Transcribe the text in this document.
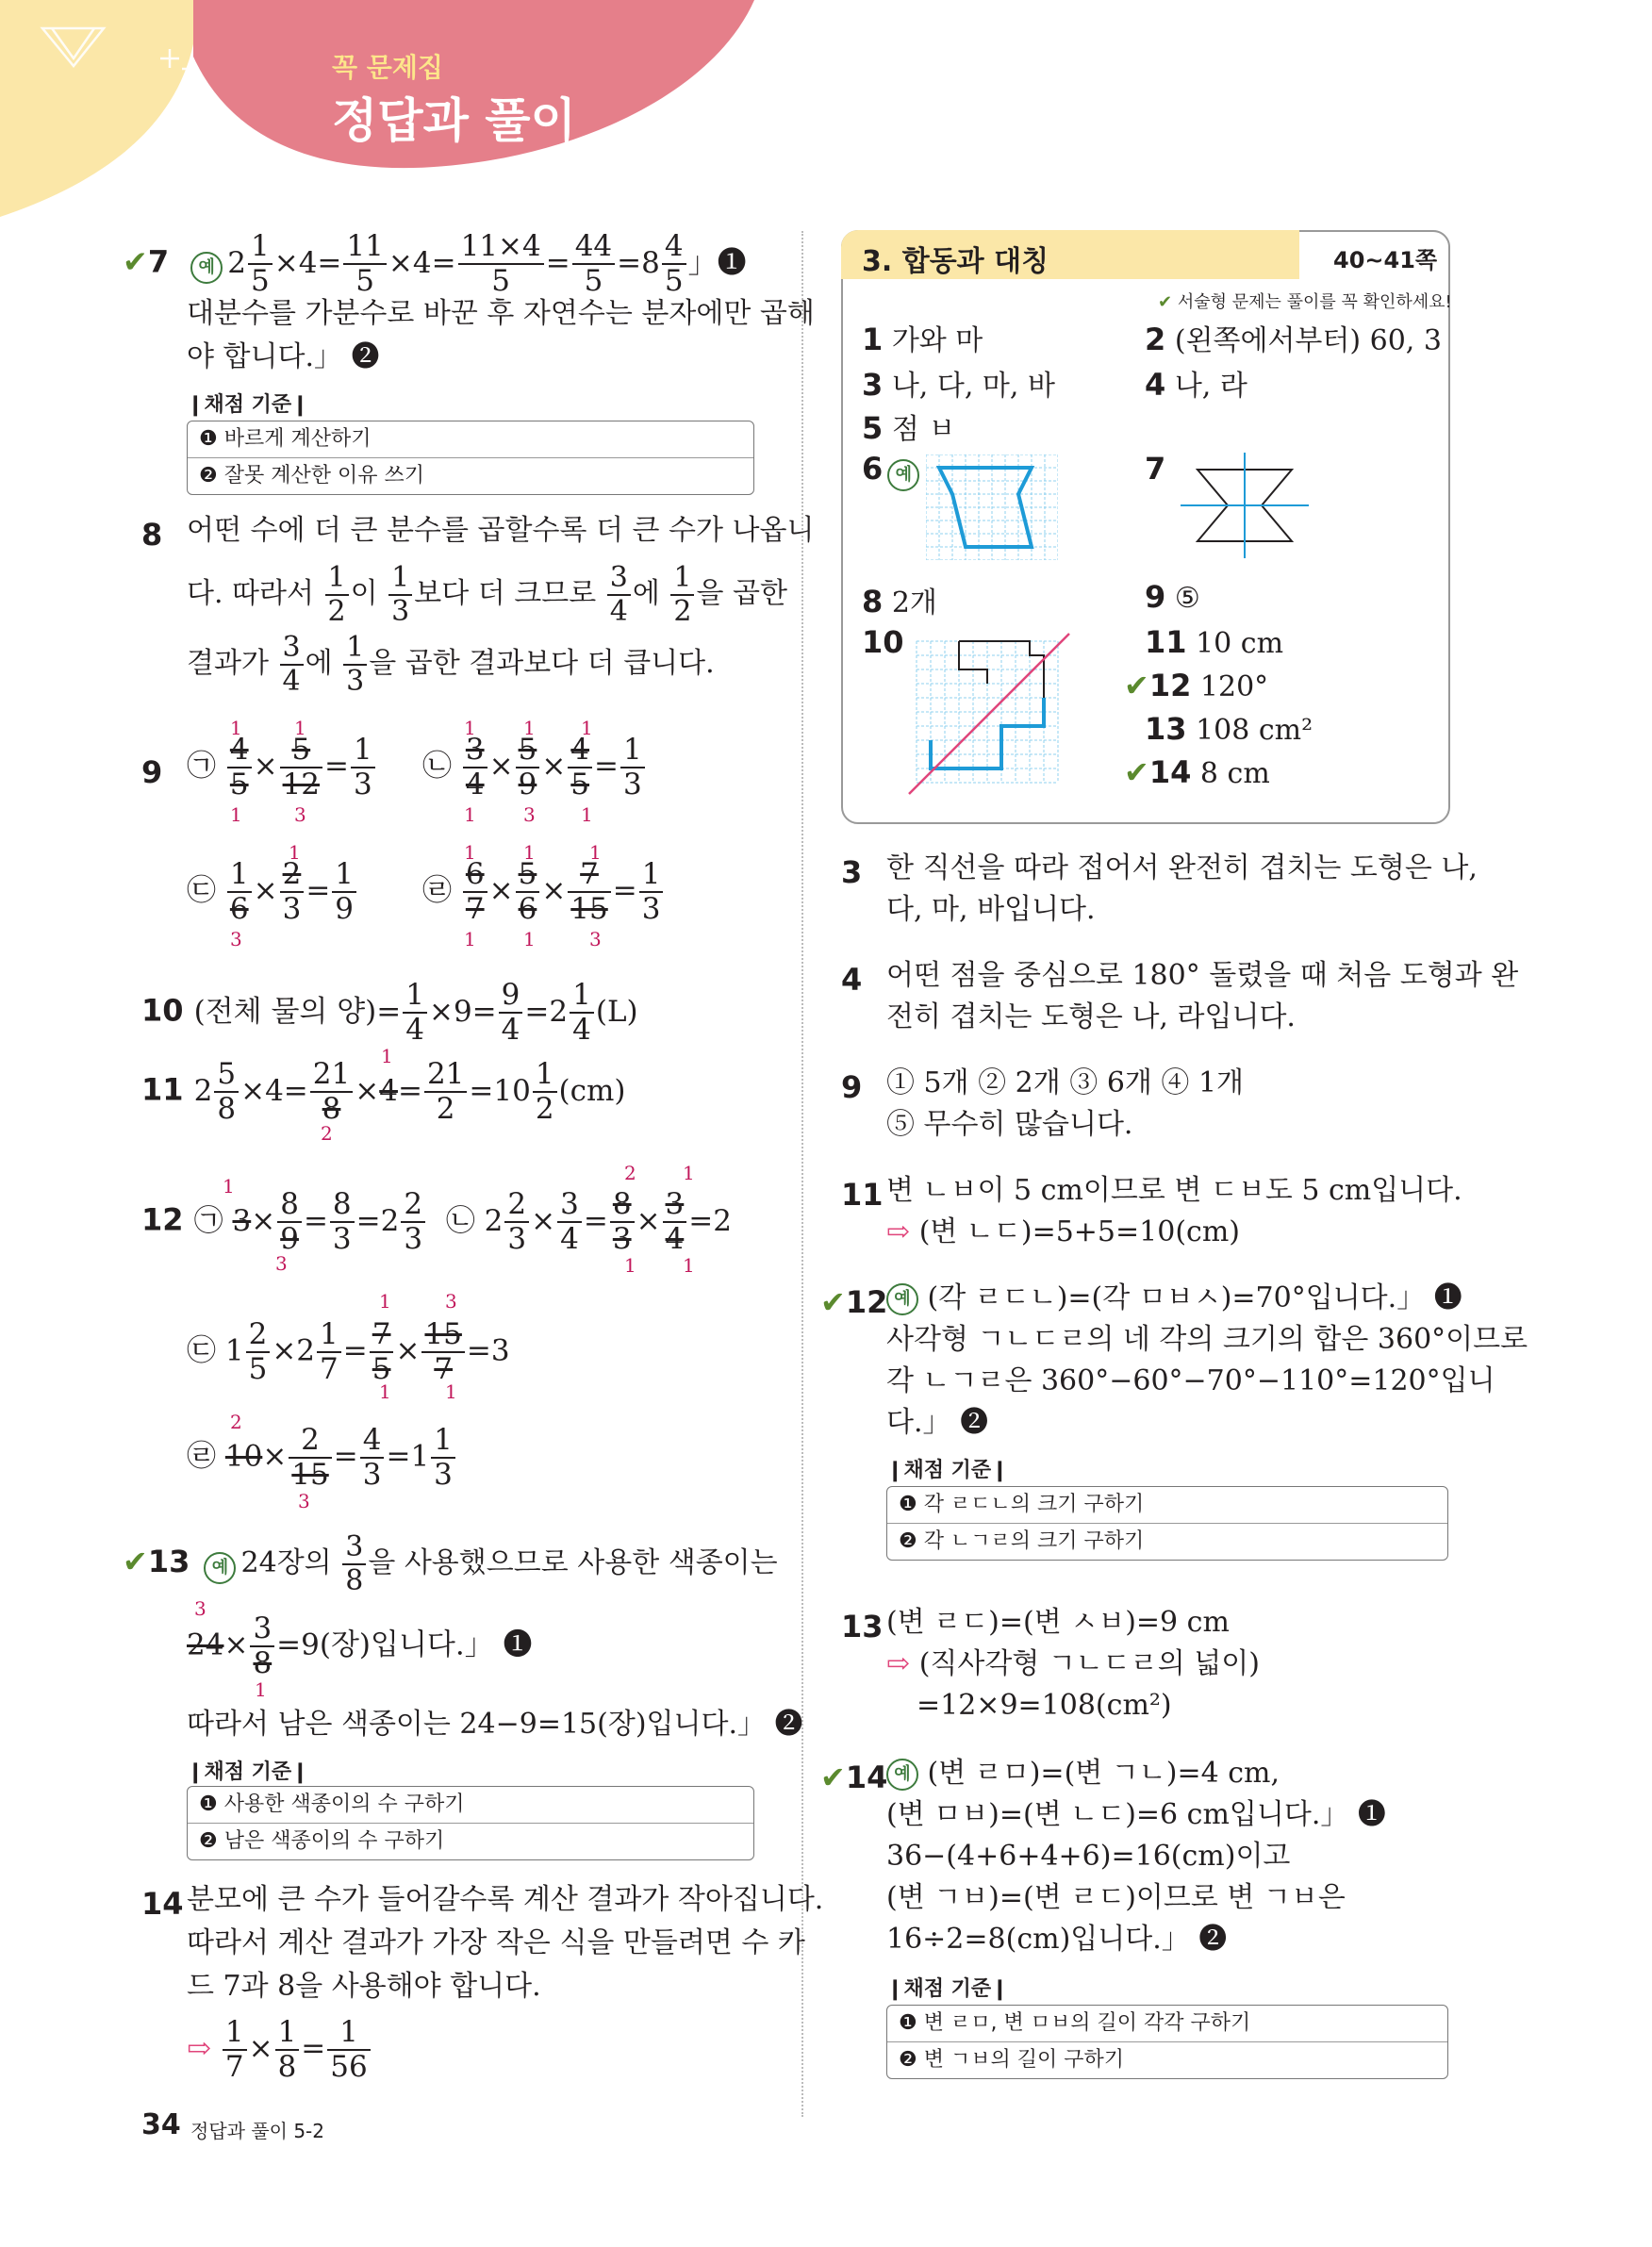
꼭 문제집
정답과 풀이
✔7 예 $2 \frac{1}{5} \times 4= \frac{11}{5} \times 4= \frac{11\times 4}{5} = \frac{44}{5} =8 \frac{4}{5}$ 」❶
대분수를 가분수로 바꾼 후 자연수는 분자에만 곱해
야 합니다.」 ❷
❙채점 기준❙
❶ 바르게 계산하기
❷ 잘못 계산한 이유 쓰기
8 어떤 수에 더 큰 분수를 곱할수록 더 큰 수가 나옵니
다. 따라서 $\frac{1}{2}$ 이 $\frac{1}{3}$ 보다 더 크므로 $\frac{3}{4}$ 에 $\frac{1}{2}$ 을 곱한
결과가 $\frac{3}{4}$ 에 $\frac{1}{3}$ 을 곱한 결과보다 더 큽니다.
9 ㉠ $\frac{4}{5} \times \frac{5}{12} = \frac{1}{3}$
1	1
1	3
㉡ $\frac{3}{4} \times \frac{5}{9} \times \frac{4}{5} = \frac{1}{3}$
1	1 1
1	3 1
㉢ $\frac{1}{6} \times \frac{2}{3} = \frac{1}{9}$
1
3
㉣ $\frac{6}{7} \times \frac{5}{6} \times \frac{7}{15} = \frac{1}{3}$
1	1	1
1	1	3
10 (전체 물의 양)= $\frac{1}{4} \times 9= \frac{9}{4} =2 \frac{1}{4} (L)$
11 $2 \frac{5}{8} \times 4= \frac{21}{8} \times 4= \frac{21}{2} =10 \frac{1}{2} (cm)$
1
2
12 ㉠ $3\times \frac{8}{9} = \frac{8}{3} =2 \frac{2}{3}$ ㉡ $2 \frac{2}{3} \times \frac{3}{4} = \frac{8}{3} \times \frac{3}{4} =2$
1
3
2 1
1 1
㉢ $1 \frac{2}{5} \times 2 \frac{1}{7} = \frac{7}{5} \times \frac{15}{7} =3$
1	3
1	1
㉣ $10\times \frac{2}{15} = \frac{4}{3} =1 \frac{1}{3}$
2
3
✔13 예 24장의 $\frac{3}{8}$ 을 사용했으므로 사용한 색종이는
$24\times \frac{3}{8} =9$(장)입니다.」 ❶
3
1
따라서 남은 색종이는 24−9=15(장)입니다.」 ❷
❙채점 기준❙
❶ 사용한 색종이의 수 구하기
❷ 남은 색종이의 수 구하기
14 분모에 큰 수가 들어갈수록 계산 결과가 작아집니다.
따라서 계산 결과가 가장 작은 식을 만들려면 수 카
드 7과 8을 사용해야 합니다.
⇨ $\frac{1}{7} \times \frac{1}{8} = \frac{1}{56}$
34 정답과 풀이 5-2
3. 합동과 대칭	40~41쪽
✔ 서술형 문제는 풀이를 꼭 확인하세요!
1 가와 마	2 (왼쪽에서부터) 60, 3
3 나, 다, 마, 바	4 나, 라
5 점 ㅂ
6 예	7
8 2개	9 ⑤
10	11 10 cm
✔12 120°
13 108 cm²
✔14 8 cm
3 한 직선을 따라 접어서 완전히 겹치는 도형은 나,
다, 마, 바입니다.
4 어떤 점을 중심으로 180° 돌렸을 때 처음 도형과 완
전히 겹치는 도형은 나, 라입니다.
9 ① 5개 ② 2개 ③ 6개 ④ 1개
⑤ 무수히 많습니다.
11 변 ㄴㅂ이 5 cm이므로 변 ㄷㅂ도 5 cm입니다.
⇨ (변 ㄴㄷ)=5+5=10(cm)
✔12 예 (각 ㄹㄷㄴ)=(각 ㅁㅂㅅ)=70°입니다.」 ❶
사각형 ㄱㄴㄷㄹ의 네 각의 크기의 합은 360°이므로
각 ㄴㄱㄹ은 360°−60°−70°−110°=120°입니
다.」 ❷
❙채점 기준❙
❶ 각 ㄹㄷㄴ의 크기 구하기
❷ 각 ㄴㄱㄹ의 크기 구하기
13 (변 ㄹㄷ)=(변 ㅅㅂ)=9 cm
⇨ (직사각형 ㄱㄴㄷㄹ의 넓이)
=12×9=108(cm²)
✔14 예 (변 ㄹㅁ)=(변 ㄱㄴ)=4 cm,
(변 ㅁㅂ)=(변 ㄴㄷ)=6 cm입니다.」 ❶
36−(4+6+4+6)=16(cm)이고
(변 ㄱㅂ)=(변 ㄹㄷ)이므로 변 ㄱㅂ은
16÷2=8(cm)입니다.」 ❷
❙채점 기준❙
❶ 변 ㄹㅁ, 변 ㅁㅂ의 길이 각각 구하기
❷ 변 ㄱㅂ의 길이 구하기
